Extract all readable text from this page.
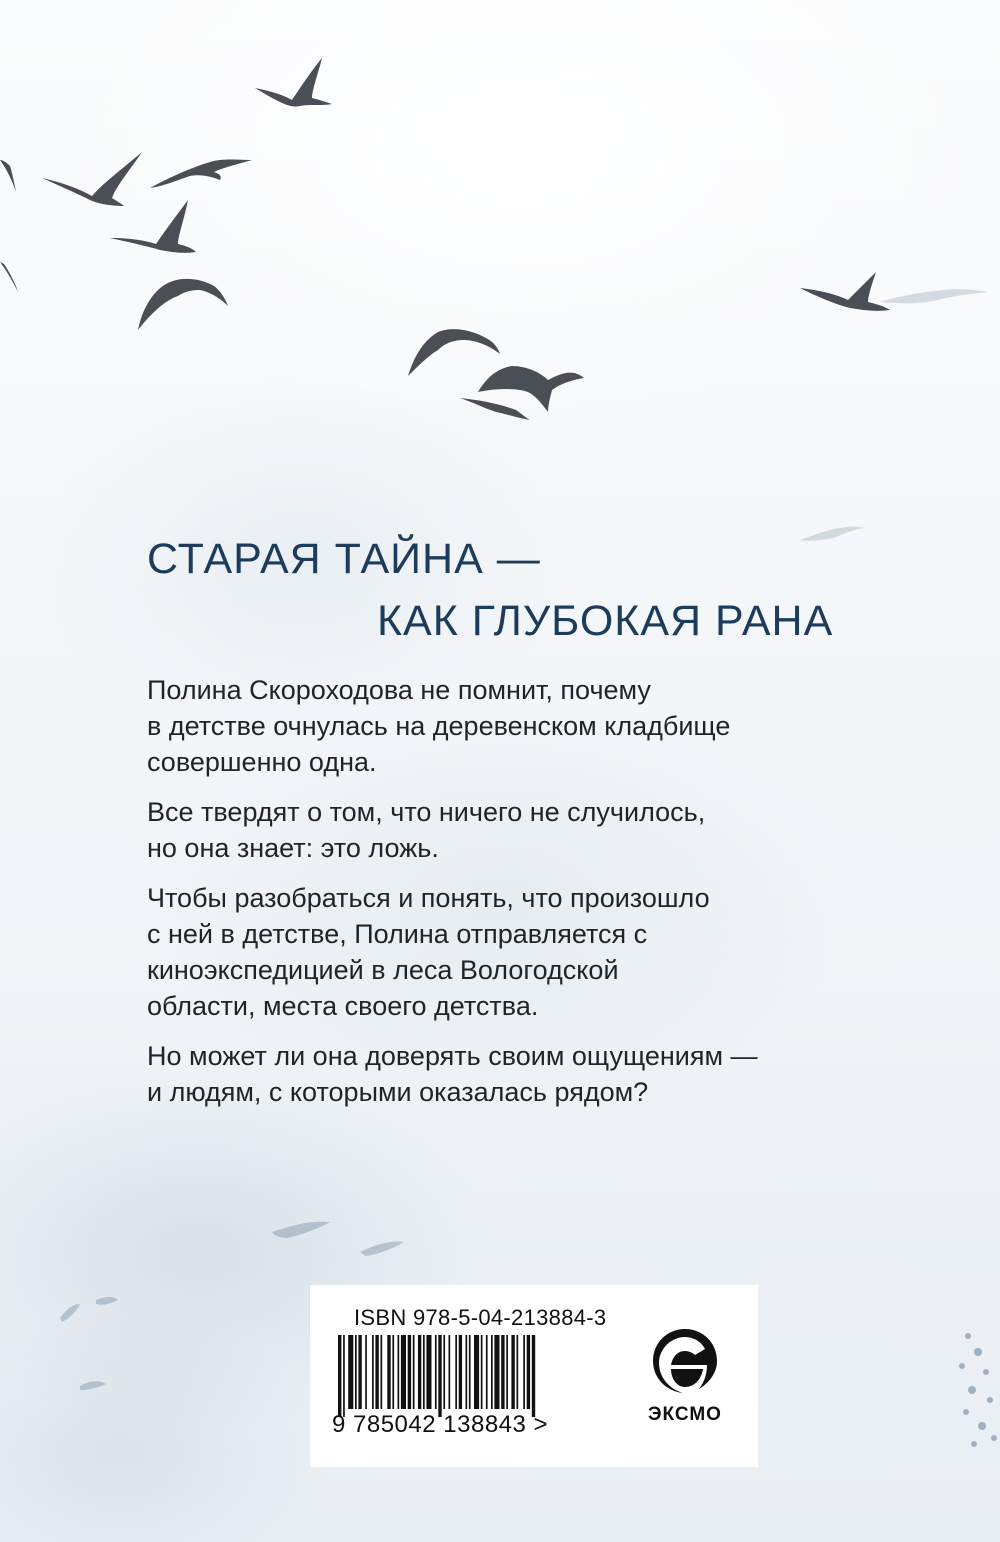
СТАРАЯ ТАЙНА —
КАК ГЛУБОКАЯ РАНА

Полина Скороходова не помнит, почему
в детстве очнулась на деревенском кладбище
совершенно одна.

Все твердят о том, что ничего не случилось,
но она знает: это ложь.

Чтобы разобраться и понять, что произошло
с ней в детстве, Полина отправляется с
киноэкспедицией в леса Вологодской
области, места своего детства.

Но может ли она доверять своим ощущениям —
и людям, с которыми оказалась рядом?

ISBN 978-5-04-213884-3
9 785042 138843 >	ЭКСМО
